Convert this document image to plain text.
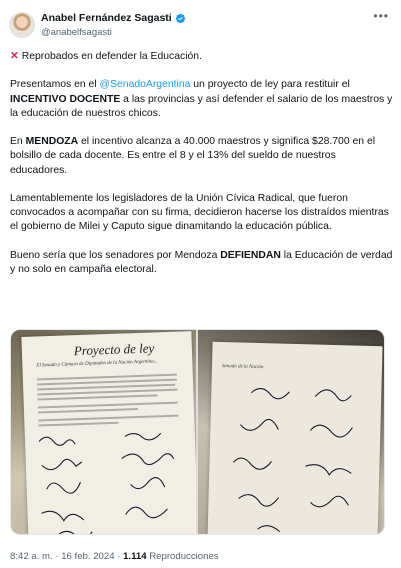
Anabel Fernández Sagasti
@anabelfsagasti
•••

✕ Reprobados en defender la Educación.

Presentamos en el @SenadoArgentina un proyecto de ley para restituir el INCENTIVO DOCENTE a las provincias y así defender el salario de los maestros y la educación de nuestros chicos.

En MENDOZA el incentivo alcanza a 40.000 maestros y significa $28.700 en el bolsillo de cada docente. Es entre el 8 y el 13% del sueldo de nuestros educadores.

Lamentablemente los legisladores de la Unión Cívica Radical, que fueron convocados a acompañar con su firma, decidieron hacerse los distraídos mientras el gobierno de Milei y Caputo sigue dinamitando la educación pública.

Bueno sería que los senadores por Mendoza DEFIENDAN la Educación de verdad y no solo en campaña electoral.

Proyecto de ley
El Senado y Cámara de Diputados de la Nación Argentina...	Senado de la Nación
8:42 a. m. · 16 feb. 2024 · 1.114 Reproducciones
